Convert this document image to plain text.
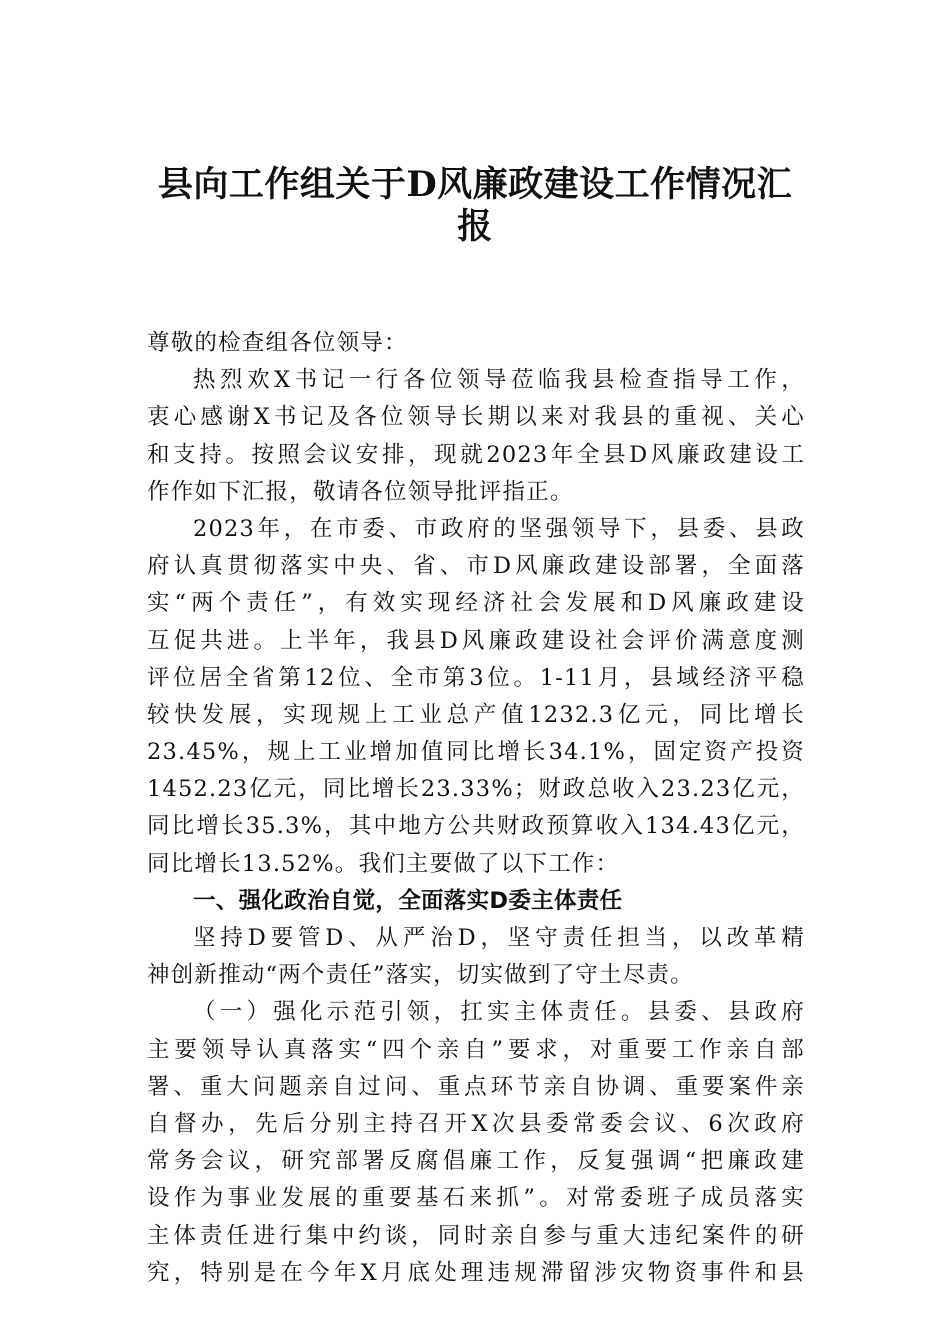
县向工作组关于D风廉政建设工作情况汇
报
尊敬的检查组各位领导：
热烈欢X书记一行各位领导莅临我县检查指导工作，
衷心感谢X书记及各位领导长期以来对我县的重视、关心
和支持。按照会议安排，现就2023年全县D风廉政建设工
作作如下汇报，敬请各位领导批评指正。
2023年，在市委、市政府的坚强领导下，县委、县政
府认真贯彻落实中央、省、市D风廉政建设部署，全面落
实“两个责任”，有效实现经济社会发展和D风廉政建设
互促共进。上半年，我县D风廉政建设社会评价满意度测
评位居全省第12位、全市第3位。1-11月，县域经济平稳
较快发展，实现规上工业总产值1232.3亿元，同比增长
23.45%，规上工业增加值同比增长34.1%，固定资产投资
1452.23亿元，同比增长23.33%；财政总收入23.23亿元，
同比增长35.3%，其中地方公共财政预算收入134.43亿元，
同比增长13.52%。我们主要做了以下工作：
一、强化政治自觉，全面落实D委主体责任
坚持D要管D、从严治D，坚守责任担当，以改革精
神创新推动“两个责任”落实，切实做到了守土尽责。
（一）强化示范引领，扛实主体责任。县委、县政府
主要领导认真落实“四个亲自”要求，对重要工作亲自部
署、重大问题亲自过问、重点环节亲自协调、重要案件亲
自督办，先后分别主持召开X次县委常委会议、6次政府
常务会议，研究部署反腐倡廉工作，反复强调“把廉政建
设作为事业发展的重要基石来抓”。对常委班子成员落实
主体责任进行集中约谈，同时亲自参与重大违纪案件的研
究，特别是在今年X月底处理违规滞留涉灾物资事件和县
